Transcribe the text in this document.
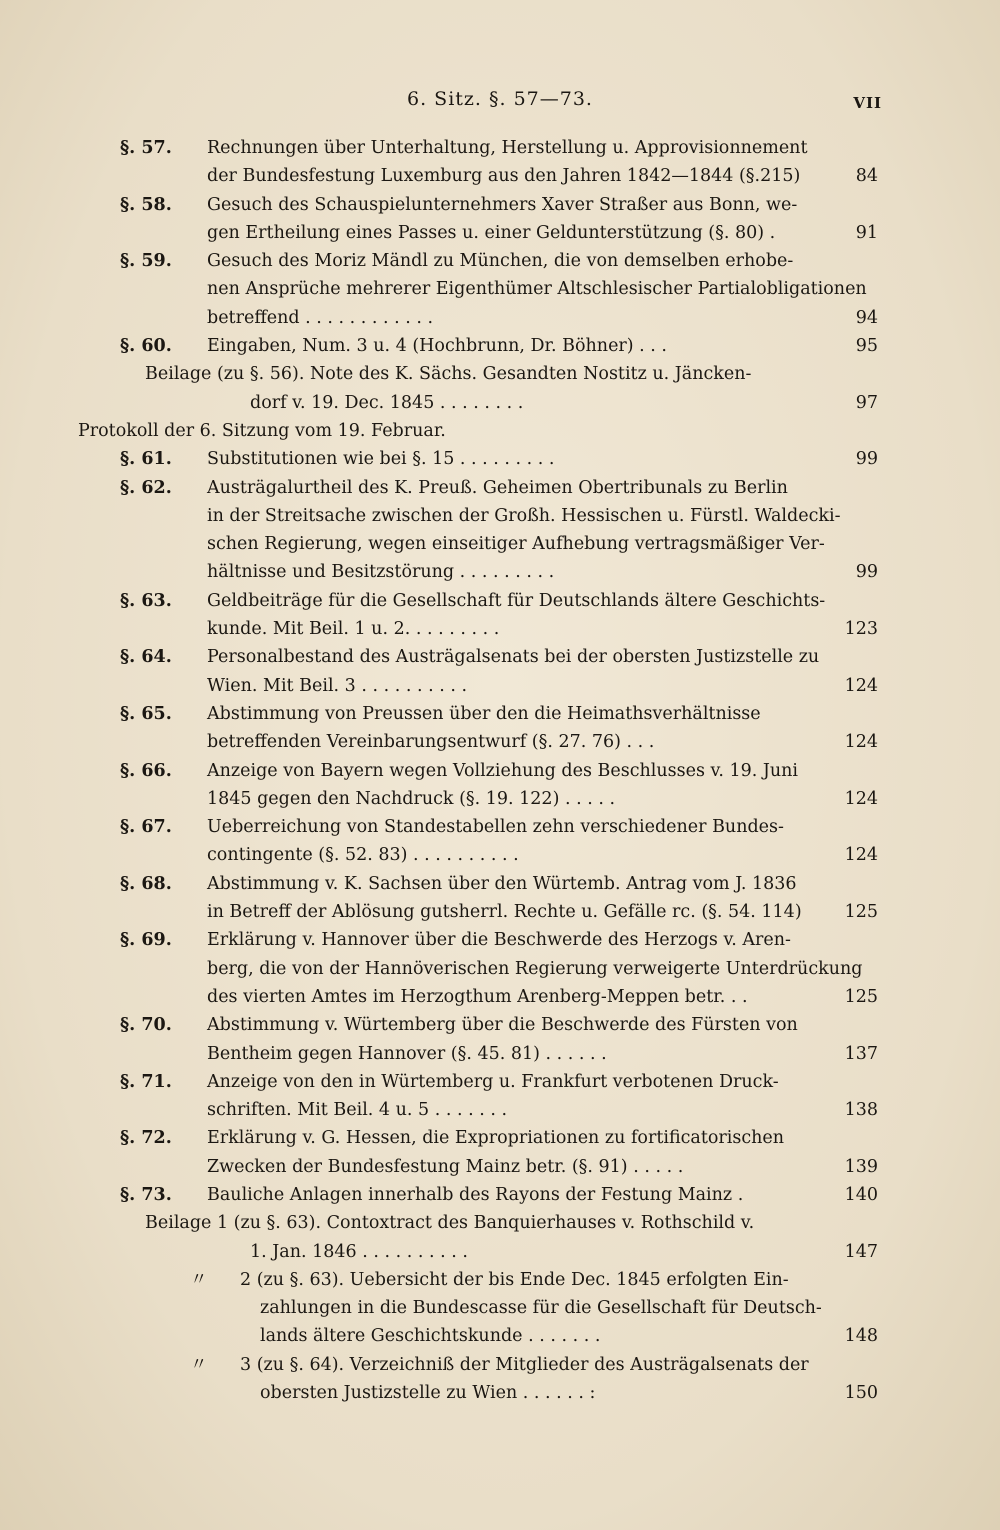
6. Sitz. §. 57—73.	VII
§. 57.	Rechnungen über Unterhaltung, Herstellung u. Approvisionnement
der Bundesfestung Luxemburg aus den Jahren 1842—1844 (§.215)	84
§. 58.	Gesuch des Schauspielunternehmers Xaver Straßer aus Bonn, we-
gen Ertheilung eines Passes u. einer Geldunterstützung (§. 80) .	91
§. 59.	Gesuch des Moriz Mändl zu München, die von demselben erhobe-
nen Ansprüche mehrerer Eigenthümer Altschlesischer Partialobligationen
betreffend . . . . . . . . . . . .	94
§. 60.	Eingaben, Num. 3 u. 4 (Hochbrunn, Dr. Böhner) . . .	95
Beilage (zu §. 56). Note des K. Sächs. Gesandten Nostitz u. Jäncken-
dorf v. 19. Dec. 1845 . . . . . . . .	97
Protokoll der 6. Sitzung vom 19. Februar.
§. 61.	Substitutionen wie bei §. 15 . . . . . . . . .	99
§. 62.	Austrägalurtheil des K. Preuß. Geheimen Obertribunals zu Berlin
in der Streitsache zwischen der Großh. Hessischen u. Fürstl. Waldecki-
schen Regierung, wegen einseitiger Aufhebung vertragsmäßiger Ver-
hältnisse und Besitzstörung . . . . . . . . .	99
§. 63.	Geldbeiträge für die Gesellschaft für Deutschlands ältere Geschichts-
kunde. Mit Beil. 1 u. 2. . . . . . . . .	123
§. 64.	Personalbestand des Austrägalsenats bei der obersten Justizstelle zu
Wien. Mit Beil. 3 . . . . . . . . . .	124
§. 65.	Abstimmung von Preussen über den die Heimathsverhältnisse
betreffenden Vereinbarungsentwurf (§. 27. 76) . . .	124
§. 66.	Anzeige von Bayern wegen Vollziehung des Beschlusses v. 19. Juni
1845 gegen den Nachdruck (§. 19. 122) . . . . .	124
§. 67.	Ueberreichung von Standestabellen zehn verschiedener Bundes-
contingente (§. 52. 83) . . . . . . . . . .	124
§. 68.	Abstimmung v. K. Sachsen über den Würtemb. Antrag vom J. 1836
in Betreff der Ablösung gutsherrl. Rechte u. Gefälle rc. (§. 54. 114)	125
§. 69.	Erklärung v. Hannover über die Beschwerde des Herzogs v. Aren-
berg, die von der Hannöverischen Regierung verweigerte Unterdrückung
des vierten Amtes im Herzogthum Arenberg-Meppen betr. . .	125
§. 70.	Abstimmung v. Würtemberg über die Beschwerde des Fürsten von
Bentheim gegen Hannover (§. 45. 81) . . . . . .	137
§. 71.	Anzeige von den in Würtemberg u. Frankfurt verbotenen Druck-
schriften. Mit Beil. 4 u. 5 . . . . . . .	138
§. 72.	Erklärung v. G. Hessen, die Expropriationen zu fortificatorischen
Zwecken der Bundesfestung Mainz betr. (§. 91) . . . . .	139
§. 73.	Bauliche Anlagen innerhalb des Rayons der Festung Mainz .	140
Beilage 1 (zu §. 63). Contoxtract des Banquierhauses v. Rothschild v.
1. Jan. 1846 . . . . . . . . . .	147
〃 2 (zu §. 63). Uebersicht der bis Ende Dec. 1845 erfolgten Ein-
zahlungen in die Bundescasse für die Gesellschaft für Deutsch-
lands ältere Geschichtskunde . . . . . . .	148
〃 3 (zu §. 64). Verzeichniß der Mitglieder des Austrägalsenats der
obersten Justizstelle zu Wien . . . . . . :	150
